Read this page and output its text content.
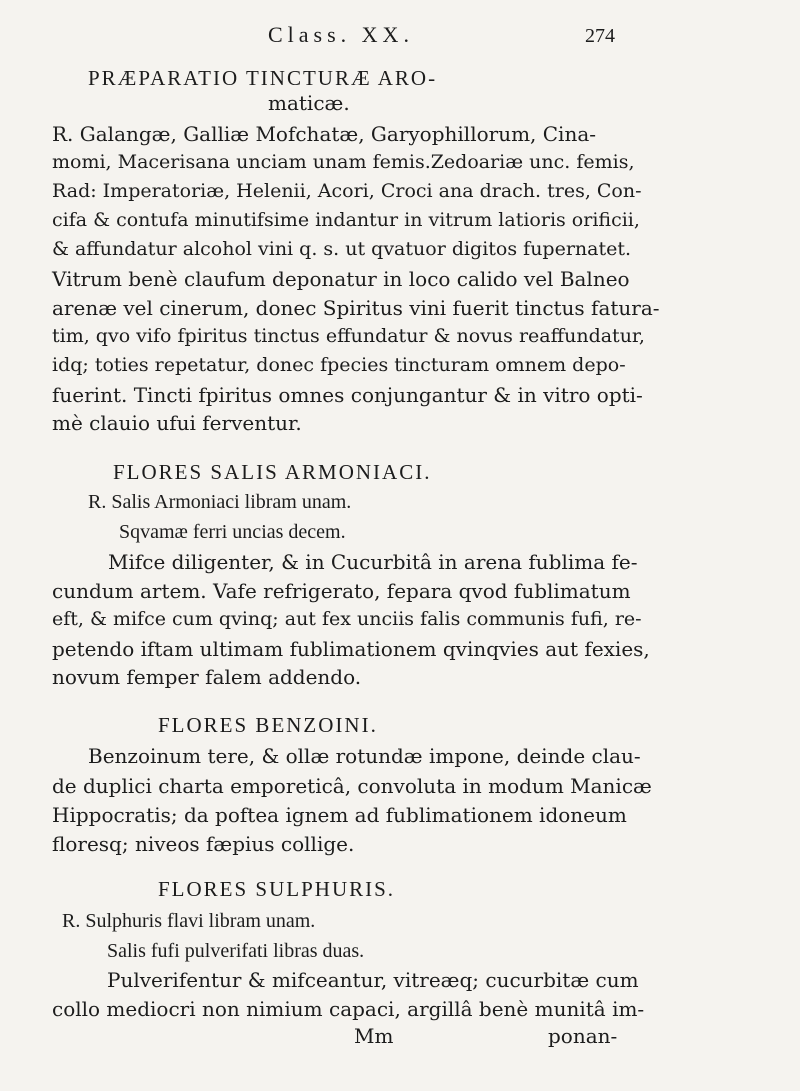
Class. XX.	274
PRÆPARATIO TINCTURÆ ARO-
maticæ.
R. Galangæ, Galliæ Mofchatæ, Garyophillorum, Cina-
momi, Macerisana unciam unam femis.Zedoariæ unc. femis,
Rad: Imperatoriæ, Helenii, Acori, Croci ana drach. tres, Con-
cifa & contufa minutifsime indantur in vitrum latioris orificii,
& affundatur alcohol vini q. s. ut qvatuor digitos fupernatet.
Vitrum benè claufum deponatur in loco calido vel Balneo
arenæ vel cinerum, donec Spiritus vini fuerit tinctus fatura-
tim, qvo vifo fpiritus tinctus effundatur & novus reaffundatur,
idq; toties repetatur, donec fpecies tincturam omnem depo-
fuerint. Tincti fpiritus omnes conjungantur & in vitro opti-
mè clauio ufui ferventur.
FLORES SALIS ARMONIACI.
R. Salis Armoniaci libram unam.
Sqvamæ ferri uncias decem.
Mifce diligenter, & in Cucurbitâ in arena fublima fe-
cundum artem. Vafe refrigerato, fepara qvod fublimatum
eft, & mifce cum qvinq; aut fex unciis falis communis fufi, re-
petendo iftam ultimam fublimationem qvinqvies aut fexies,
novum femper falem addendo.
FLORES BENZOINI.
Benzoinum tere, & ollæ rotundæ impone, deinde clau-
de duplici charta emporeticâ, convoluta in modum Manicæ
Hippocratis; da poftea ignem ad fublimationem idoneum
floresq; niveos fæpius collige.
FLORES SULPHURIS.
R. Sulphuris flavi libram unam.
Salis fufi pulverifati libras duas.
Pulverifentur & mifceantur, vitreæq; cucurbitæ cum
collo mediocri non nimium capaci, argillâ benè munitâ im-
Mm	ponan-
